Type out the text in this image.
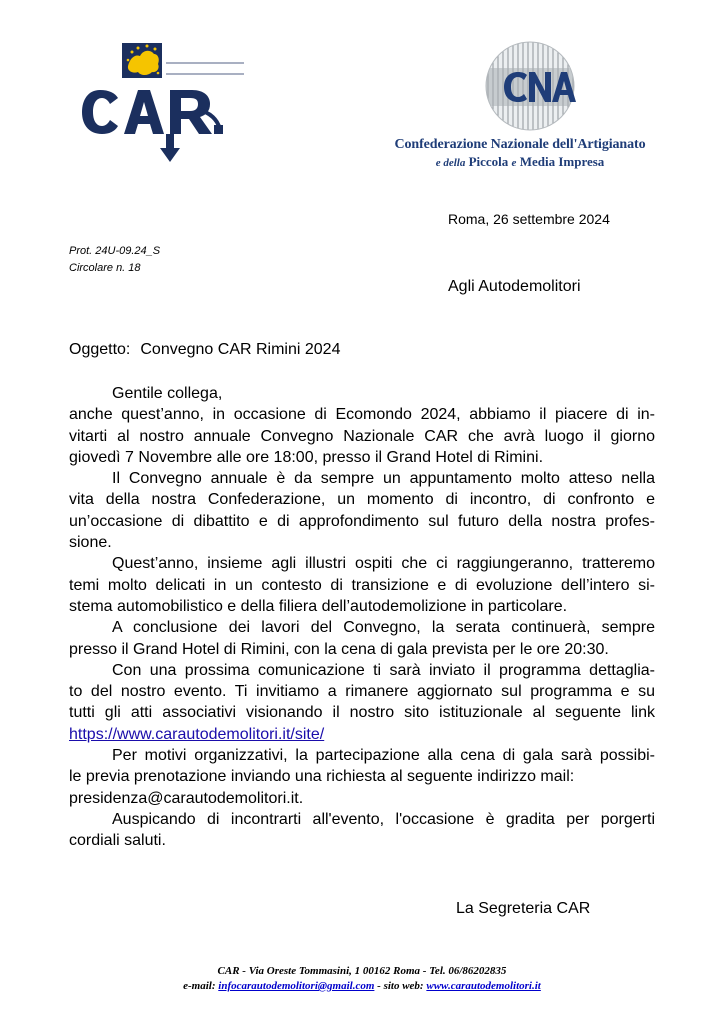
Confederazione Nazionale dell'Artigianato
e della Piccola e Media Impresa
Roma, 26 settembre 2024
Prot. 24U-09.24_S
Circolare n. 18
Agli Autodemolitori
Oggetto: Convegno CAR Rimini 2024
Gentile collega,
anche quest’anno, in occasione di Ecomondo 2024, abbiamo il piacere di in-
vitarti al nostro annuale Convegno Nazionale CAR che avrà luogo il giorno
giovedì 7 Novembre alle ore 18:00, presso il Grand Hotel di Rimini.
Il Convegno annuale è da sempre un appuntamento molto atteso nella
vita della nostra Confederazione, un momento di incontro, di confronto e
un’occasione di dibattito e di approfondimento sul futuro della nostra profes-
sione.
Quest’anno, insieme agli illustri ospiti che ci raggiungeranno, tratteremo
temi molto delicati in un contesto di transizione e di evoluzione dell’intero si-
stema automobilistico e della filiera dell’autodemolizione in particolare.
A conclusione dei lavori del Convegno, la serata continuerà, sempre
presso il Grand Hotel di Rimini, con la cena di gala prevista per le ore 20:30.
Con una prossima comunicazione ti sarà inviato il programma dettaglia-
to del nostro evento. Ti invitiamo a rimanere aggiornato sul programma e su
tutti gli atti associativi visionando il nostro sito istituzionale al seguente link
https://www.carautodemolitori.it/site/
Per motivi organizzativi, la partecipazione alla cena di gala sarà possibi-
le previa prenotazione inviando una richiesta al seguente indirizzo mail:
presidenza@carautodemolitori.it.
Auspicando di incontrarti all'evento, l'occasione è gradita per porgerti
cordiali saluti.
La Segreteria CAR
CAR - Via Oreste Tommasini, 1 00162 Roma - Tel. 06/86202835
e-mail: infocarautodemolitori@gmail.com - sito web: www.carautodemolitori.it
